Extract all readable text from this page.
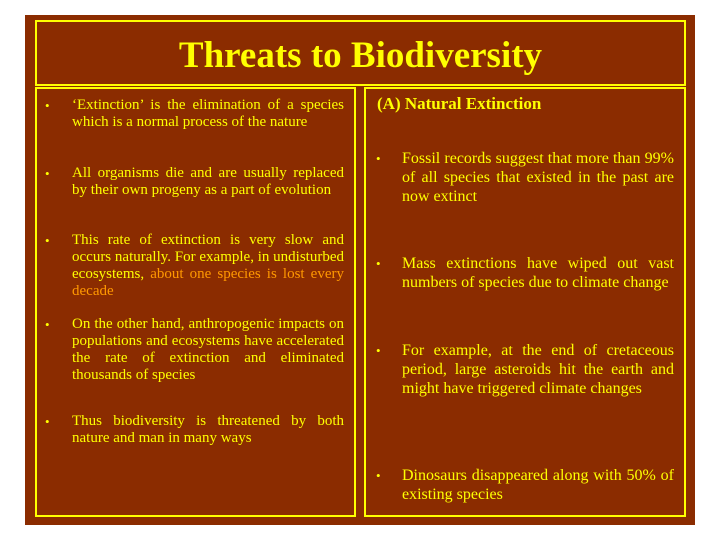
Threats to Biodiversity
• ‘Extinction’ is the elimination of a species which is a normal process of the nature
• All organisms die and are usually replaced by their own progeny as a part of evolution
• This rate of extinction is very slow and occurs naturally. For example, in undisturbed ecosystems, about one species is lost every decade
• On the other hand, anthropogenic impacts on populations and ecosystems have accelerated the rate of extinction and eliminated thousands of species
• Thus biodiversity is threatened by both nature and man in many ways
(A) Natural Extinction
• Fossil records suggest that more than 99% of all species that existed in the past are now extinct
• Mass extinctions have wiped out vast numbers of species due to climate change
• For example, at the end of cretaceous period, large asteroids hit the earth and might have triggered climate changes
• Dinosaurs disappeared along with 50% of existing species
